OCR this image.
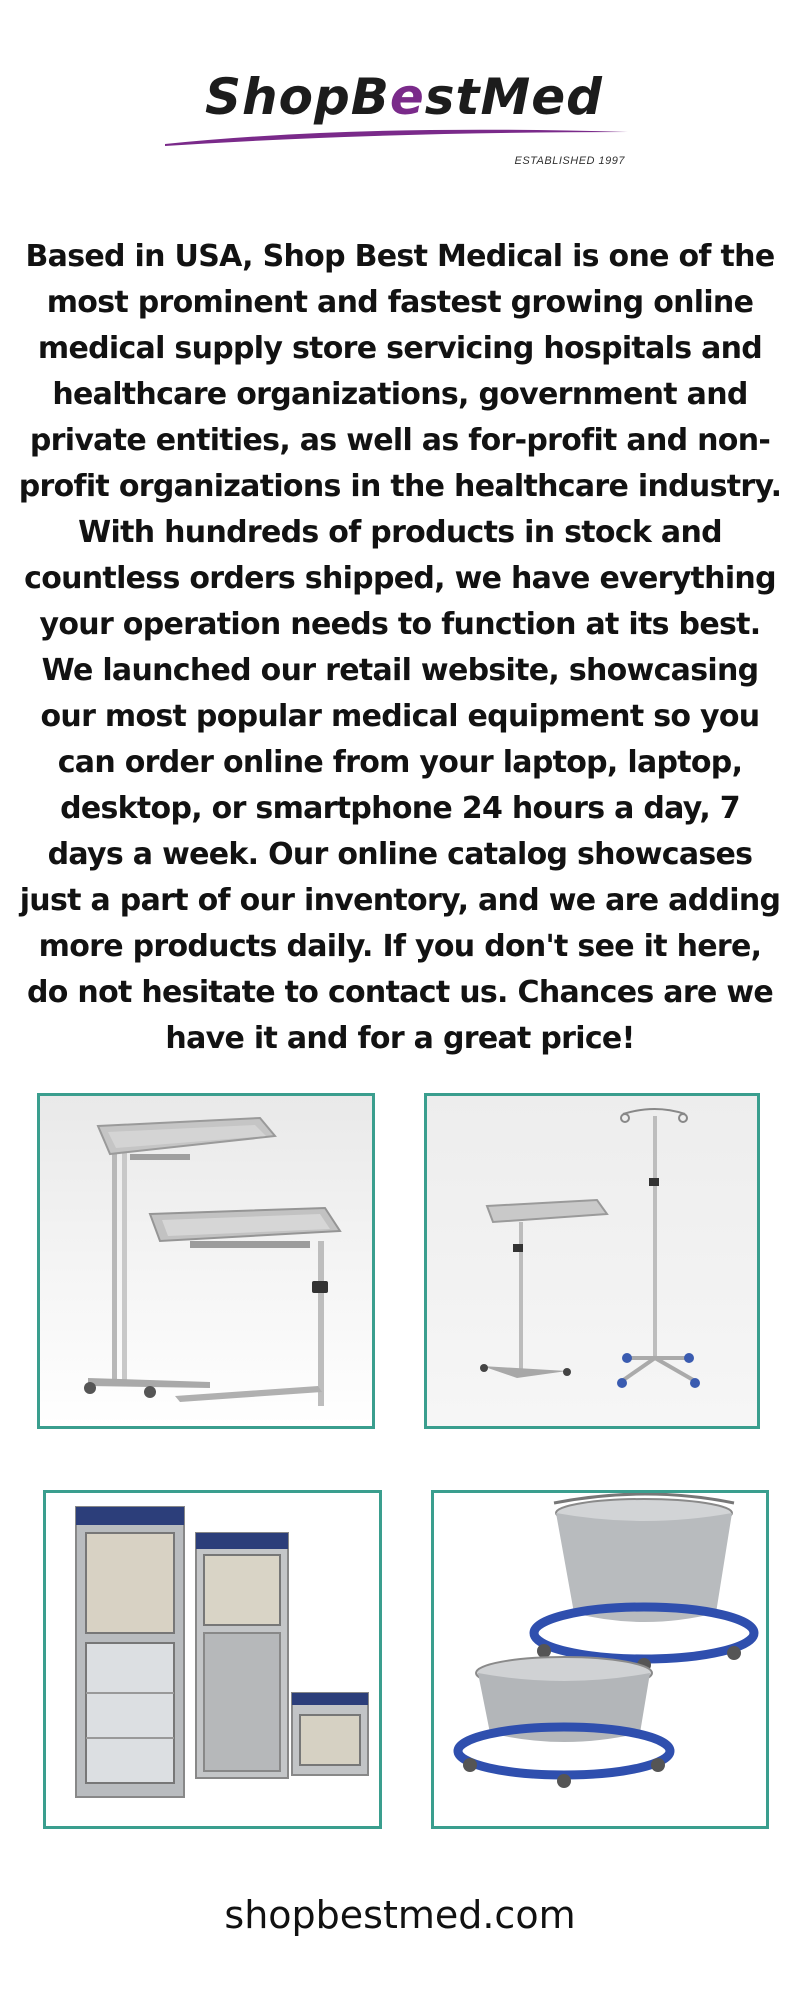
ShopBestMed
ESTABLISHED 1997

Based in USA, Shop Best Medical is one of the most prominent and fastest growing online medical supply store servicing hospitals and healthcare organizations, government and private entities, as well as for-profit and non-profit organizations in the healthcare industry. With hundreds of products in stock and countless orders shipped, we have everything your operation needs to function at its best. We launched our retail website, showcasing our most popular medical equipment so you can order online from your laptop, laptop, desktop, or smartphone 24 hours a day, 7 days a week. Our online catalog showcases just a part of our inventory, and we are adding more products daily. If you don't see it here, do not hesitate to contact us. Chances are we have it and for a great price!

shopbestmed.com
